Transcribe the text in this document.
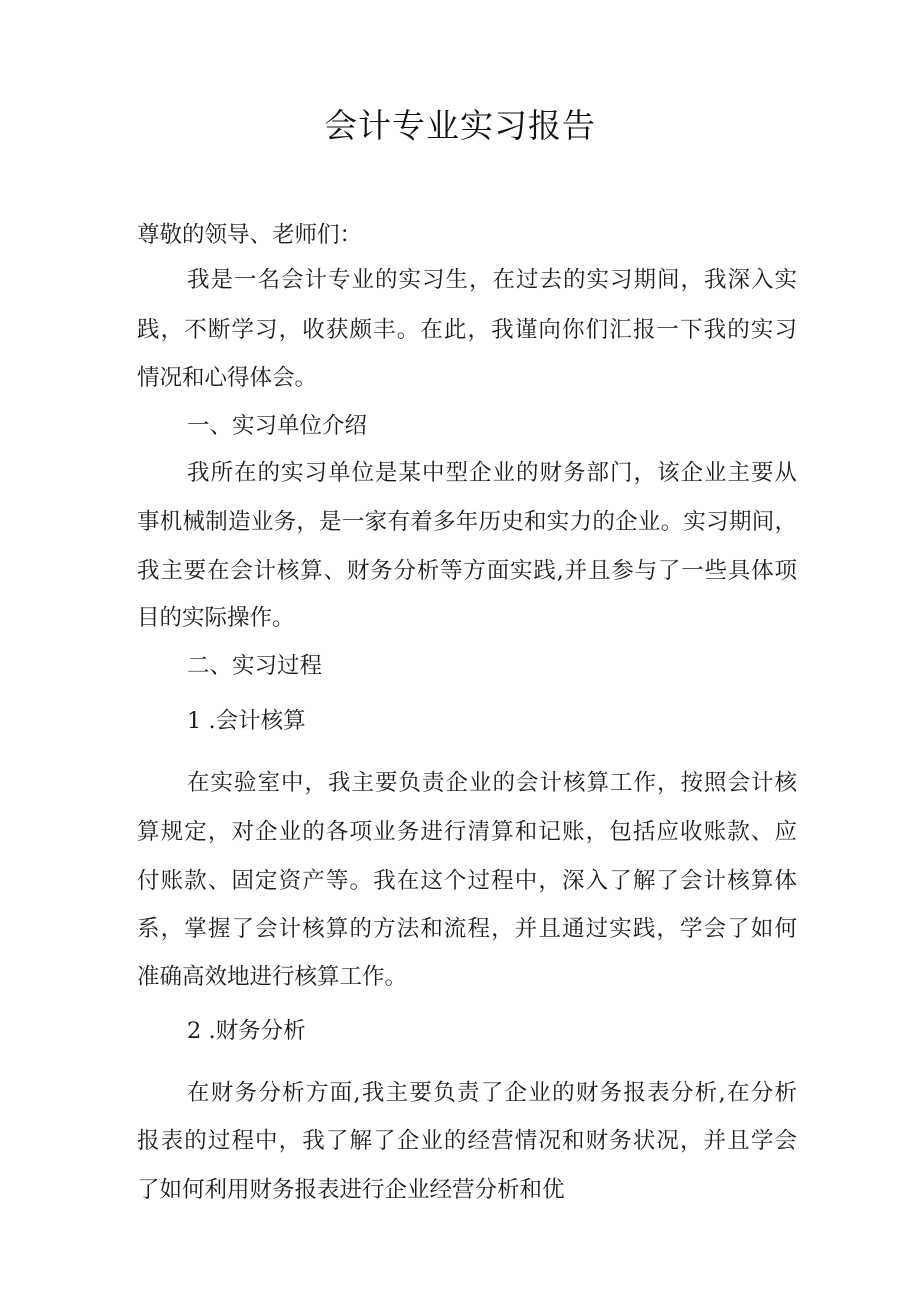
会计专业实习报告
尊敬的领导、老师们：
我是一名会计专业的实习生，在过去的实习期间，我深入实
践，不断学习，收获颇丰。在此，我谨向你们汇报一下我的实习
情况和心得体会。
一、实习单位介绍
我所在的实习单位是某中型企业的财务部门，该企业主要从
事机械制造业务，是一家有着多年历史和实力的企业。实习期间，
我主要在会计核算、财务分析等方面实践,并且参与了一些具体项
目的实际操作。
二、实习过程
1 .会计核算
在实验室中，我主要负责企业的会计核算工作，按照会计核
算规定，对企业的各项业务进行清算和记账，包括应收账款、应
付账款、固定资产等。我在这个过程中，深入了解了会计核算体
系，掌握了会计核算的方法和流程，并且通过实践，学会了如何
准确高效地进行核算工作。
2 .财务分析
在财务分析方面,我主要负责了企业的财务报表分析,在分析
报表的过程中，我了解了企业的经营情况和财务状况，并且学会
了如何利用财务报表进行企业经营分析和优
